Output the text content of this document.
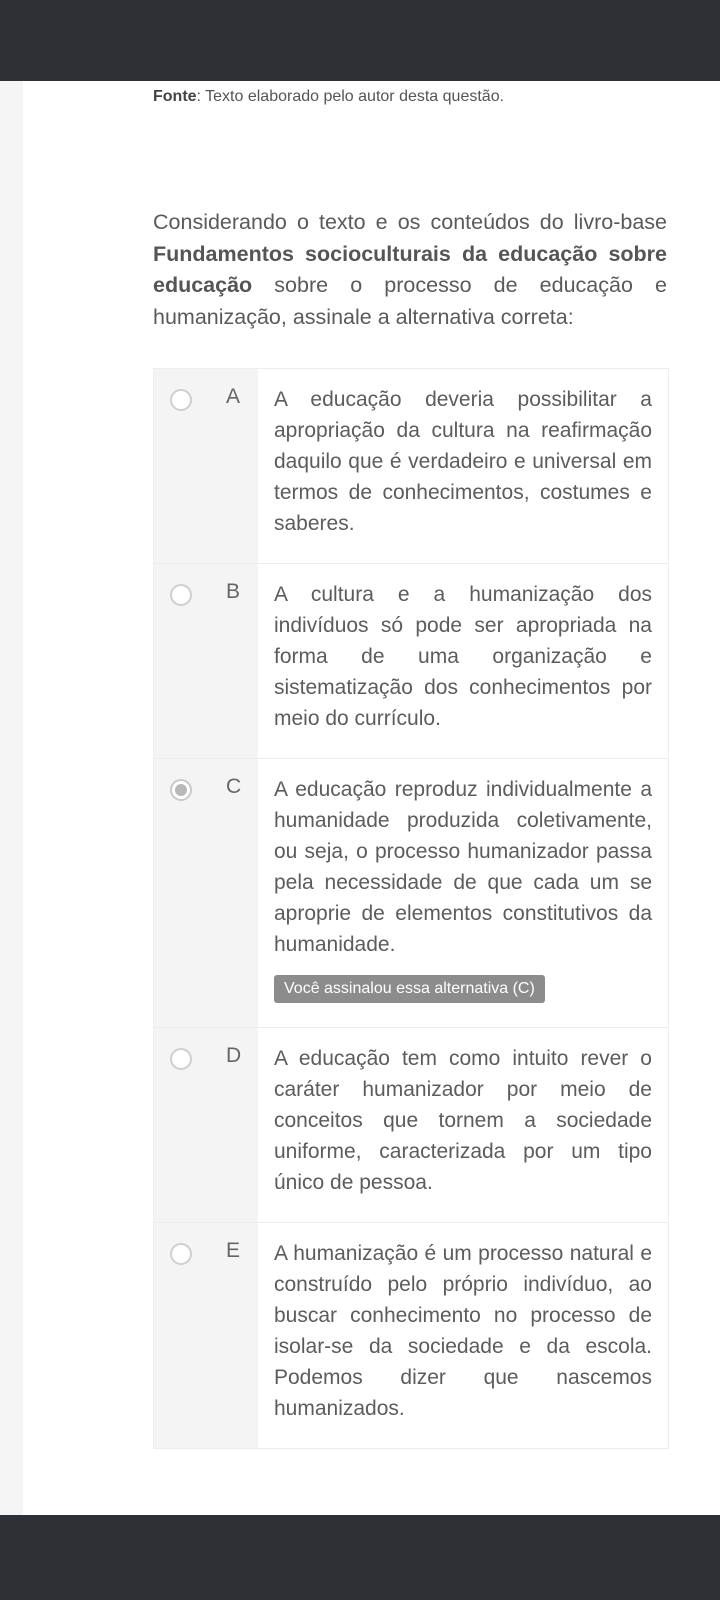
Fonte: Texto elaborado pelo autor desta questão.
Considerando o texto e os conteúdos do livro-base Fundamentos socioculturais da educação sobre educação sobre o processo de educação e humanização, assinale a alternativa correta:
A	A educação deveria possibilitar a apropriação da cultura na reafirmação daquilo que é verdadeiro e universal em termos de conhecimentos, costumes e saberes.
B	A cultura e a humanização dos indivíduos só pode ser apropriada na forma de uma organização e sistematização dos conhecimentos por meio do currículo.
C	A educação reproduz individualmente a humanidade produzida coletivamente, ou seja, o processo humanizador passa pela necessidade de que cada um se aproprie de elementos constitutivos da humanidade.
Você assinalou essa alternativa (C)
D	A educação tem como intuito rever o caráter humanizador por meio de conceitos que tornem a sociedade uniforme, caracterizada por um tipo único de pessoa.
E	A humanização é um processo natural e construído pelo próprio indivíduo, ao buscar conhecimento no processo de isolar-se da sociedade e da escola. Podemos dizer que nascemos humanizados.
